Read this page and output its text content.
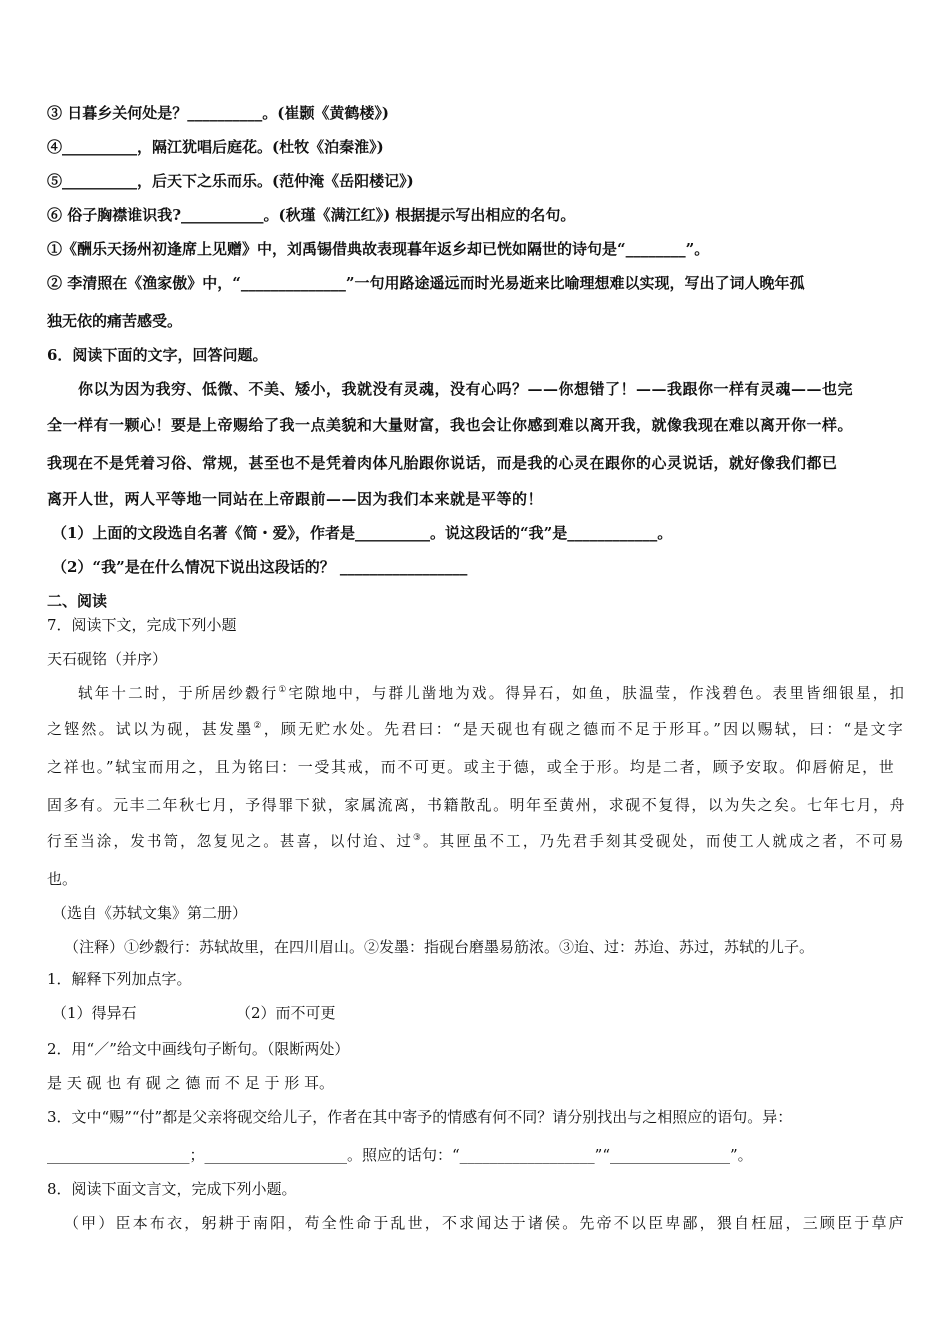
③ 日暮乡关何处是？__________。(崔颢《黄鹤楼》)
④__________，隔江犹唱后庭花。(杜牧《泊秦淮》)
⑤__________，后天下之乐而乐。(范仲淹《岳阳楼记》)
⑥ 俗子胸襟谁识我?___________。(秋瑾《满江红》) 根据提示写出相应的名句。
①《酬乐天扬州初逢席上见赠》中，刘禹锡借典故表现暮年返乡却已恍如隔世的诗句是“________”。
② 李清照在《渔家傲》中，“______________”一句用路途遥远而时光易逝来比喻理想难以实现，写出了词人晚年孤
独无依的痛苦感受。
6．阅读下面的文字，回答问题。
你以为因为我穷、低微、不美、矮小，我就没有灵魂，没有心吗？——你想错了！——我跟你一样有灵魂——也完
全一样有一颗心！要是上帝赐给了我一点美貌和大量财富，我也会让你感到难以离开我，就像我现在难以离开你一样。
我现在不是凭着习俗、常规，甚至也不是凭着肉体凡胎跟你说话，而是我的心灵在跟你的心灵说话，就好像我们都已
离开人世，两人平等地一同站在上帝跟前——因为我们本来就是平等的！
（1）上面的文段选自名著《简・爱》，作者是__________。说这段话的“我”是____________。
（2）“我”是在什么情况下说出这段话的？ _________________
二、阅读
7．阅读下文，完成下列小题
天石砚铭（并序）
轼年十二时，于所居纱縠行①宅隙地中，与群儿凿地为戏。得异石，如鱼，肤温莹，作浅碧色。表里皆细银星，扣
之铿然。试以为砚，甚发墨②，顾无贮水处。先君曰：“是天砚也有砚之德而不足于形耳。”因以赐轼，曰：“是文字
之祥也。”轼宝而用之，且为铭曰：一受其戒，而不可更。或主于德，或全于形。均是二者，顾予安取。仰唇俯足，世
固多有。元丰二年秋七月，予得罪下狱，家属流离，书籍散乱。明年至黄州，求砚不复得，以为失之矣。七年七月，舟
行至当涂，发书笥，忽复见之。甚喜，以付迨、过③。其匣虽不工，乃先君手刻其受砚处，而使工人就成之者，不可易
也。
（选自《苏轼文集》第二册）
（注释）①纱縠行：苏轼故里，在四川眉山。②发墨：指砚台磨墨易筋浓。③迨、过：苏迨、苏过，苏轼的儿子。
1．解释下列加点字。
（1）得异石	（2）而不可更
2．用“／”给文中画线句子断句。（限断两处）
是 天 砚 也 有 砚 之 德 而 不 足 于 形 耳。
3．文中“赐”“付”都是父亲将砚交给儿子，作者在其中寄予的情感有何不同？请分别找出与之相照应的语句。异：
___________________；___________________。照应的话句：“__________________”“________________”。
8．阅读下面文言文，完成下列小题。
（甲）臣本布衣，躬耕于南阳，苟全性命于乱世，不求闻达于诸侯。先帝不以臣卑鄙，猥自枉屈，三顾臣于草庐
